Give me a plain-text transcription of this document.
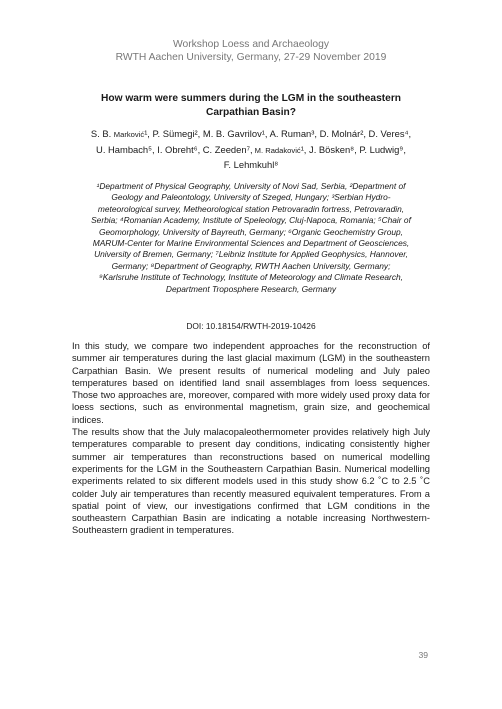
Workshop Loess and Archaeology
RWTH Aachen University, Germany, 27-29 November 2019
How warm were summers during the LGM in the southeastern
Carpathian Basin?
S. B. Marković¹, P. Sümegi², M. B. Gavrilov¹, A. Ruman³, D. Molnár², D. Veres⁴,
U. Hambach⁵, I. Obreht⁶, C. Zeeden⁷, M. Radaković¹, J. Bösken⁸, P. Ludwig⁹,
F. Lehmkuhl⁸
¹Department of Physical Geography, University of Novi Sad, Serbia, ²Department of
Geology and Paleontology, University of Szeged, Hungary; ³Serbian Hydro-
meteorological survey, Metheorological station Petrovaradin fortress, Petrovaradin,
Serbia; ⁴Romanian Academy, Institute of Speleology, Cluj-Napoca, Romania; ⁵Chair of
Geomorphology, University of Bayreuth, Germany; ⁶Organic Geochemistry Group,
MARUM-Center for Marine Environmental Sciences and Department of Geosciences,
University of Bremen, Germany; ⁷Leibniz Institute for Applied Geophysics, Hannover,
Germany; ⁸Department of Geography, RWTH Aachen University, Germany;
⁹Karlsruhe Institute of Technology, Institute of Meteorology and Climate Research,
Department Troposphere Research, Germany
DOI: 10.18154/RWTH-2019-10426

In this study, we compare two independent approaches for the reconstruction of summer air temperatures during the last glacial maximum (LGM) in the southeastern Carpathian Basin. We present results of numerical modeling and July paleo temperatures based on identified land snail assemblages from loess sequences. Those two approaches are, moreover, compared with more widely used proxy data for loess sections, such as environmental magnetism, grain size, and geochemical indices.

The results show that the July malacopaleothermometer provides relatively high July temperatures comparable to present day conditions, indicating consistently higher summer air temperatures than reconstructions based on numerical modelling experiments for the LGM in the Southeastern Carpathian Basin. Numerical modelling experiments related to six different models used in this study show 6.2 ˚C to 2.5 ˚C colder July air temperatures than recently measured equivalent temperatures. From a spatial point of view, our investigations confirmed that LGM conditions in the southeastern Carpathian Basin are indicating a notable increasing Northwestern-Southeastern gradient in temperatures.

39
